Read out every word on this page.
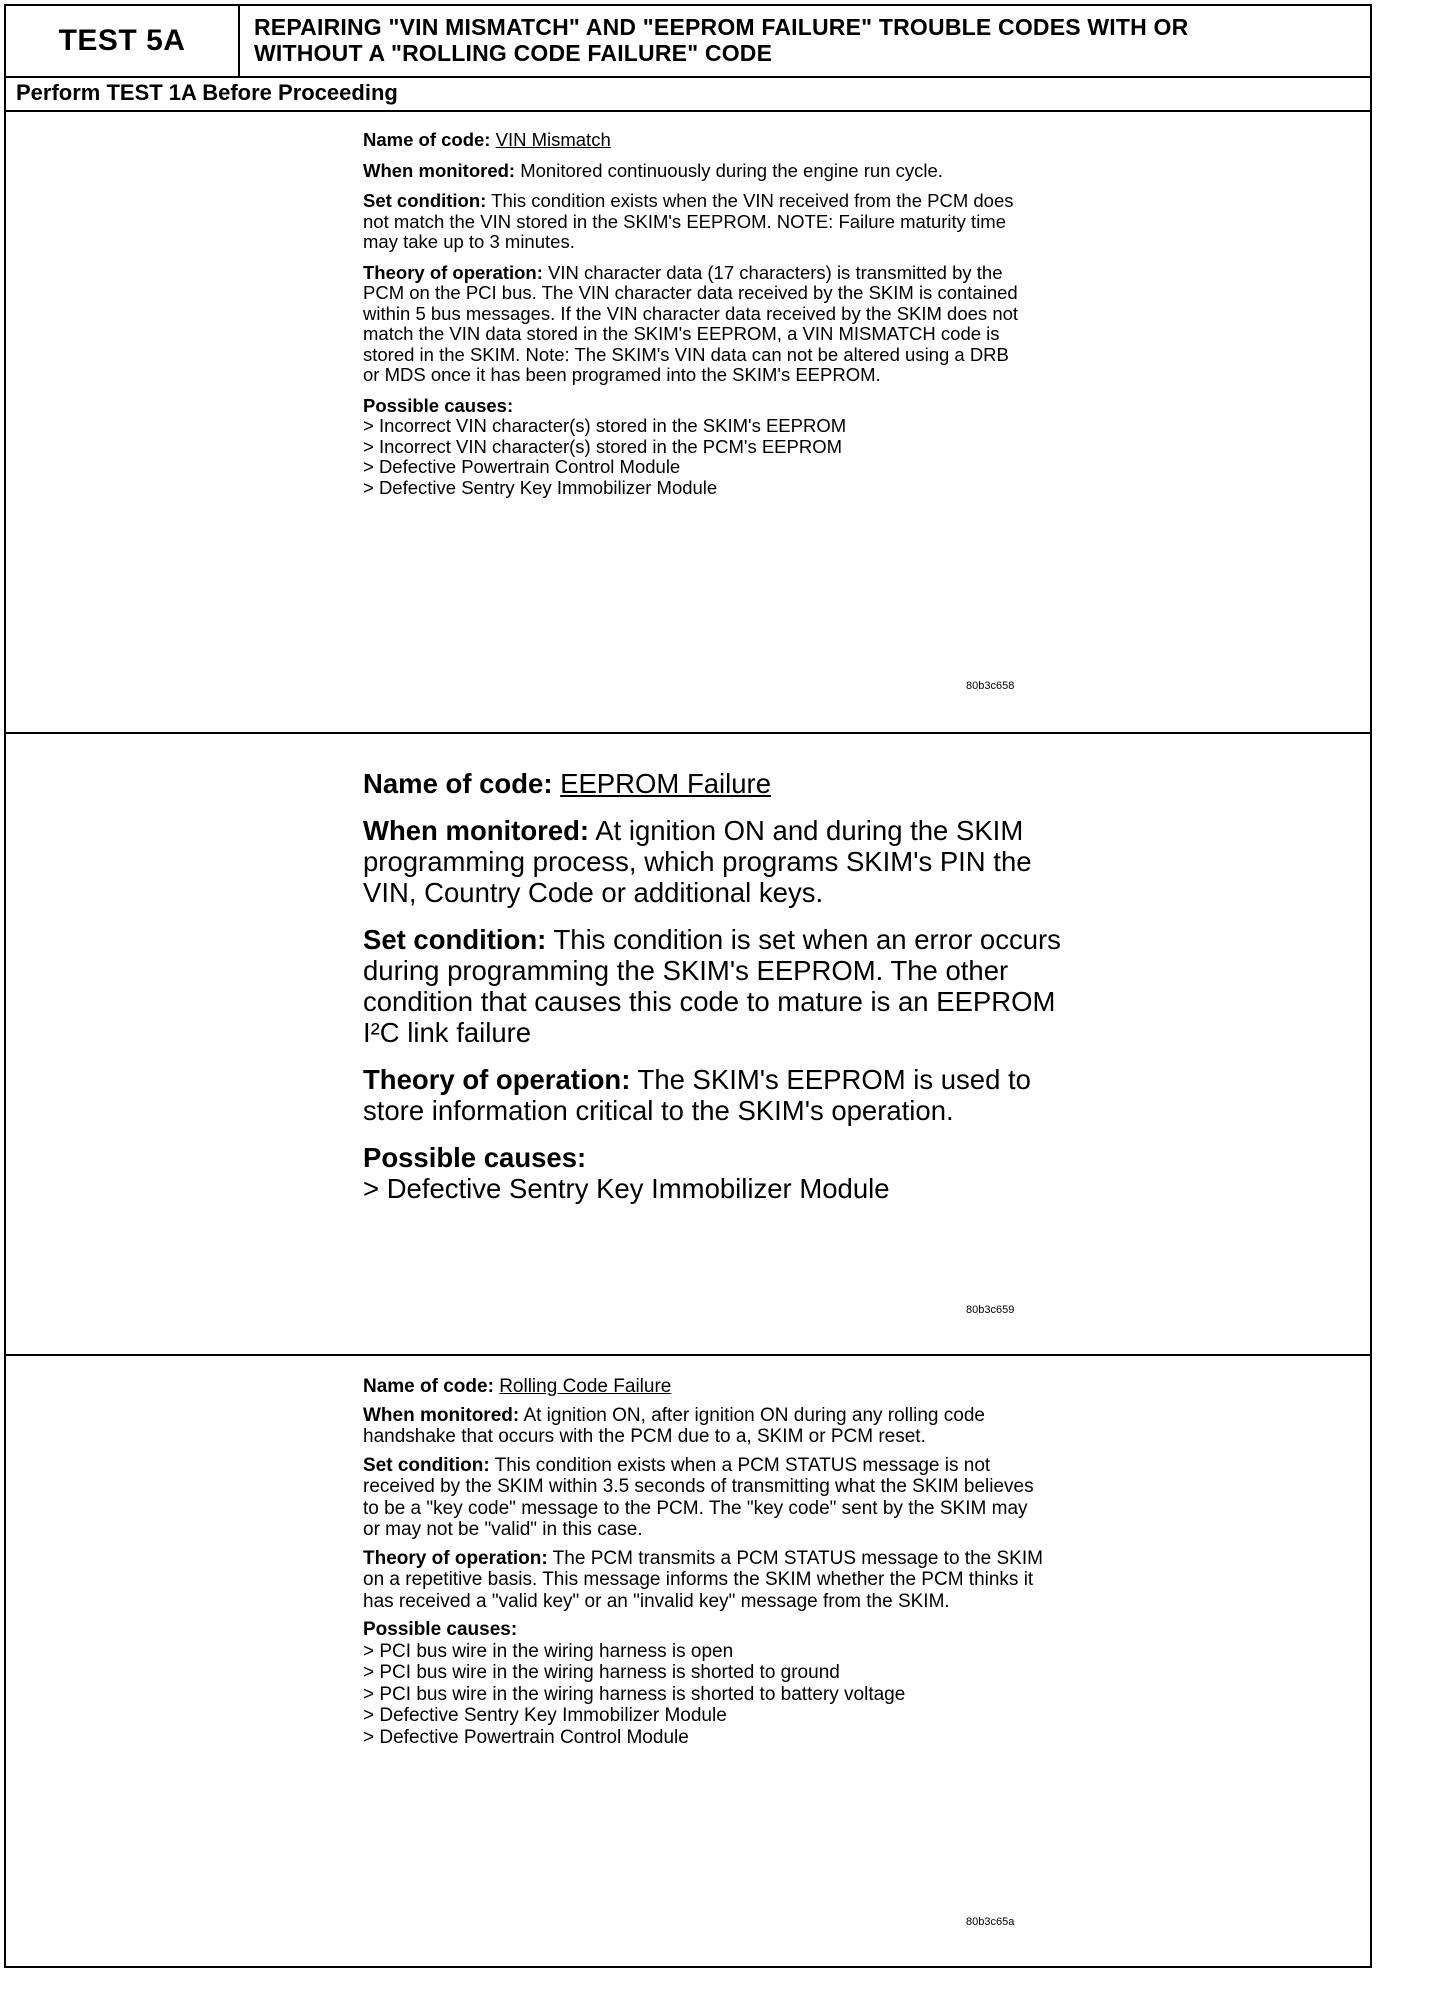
TEST 5A	REPAIRING "VIN MISMATCH" AND "EEPROM FAILURE" TROUBLE CODES WITH OR
WITHOUT A "ROLLING CODE FAILURE" CODE
Perform TEST 1A Before Proceeding

Name of code: VIN Mismatch

When monitored: Monitored continuously during the engine run cycle.

Set condition: This condition exists when the VIN received from the PCM does not match the VIN stored in the SKIM's EEPROM. NOTE: Failure maturity time may take up to 3 minutes.

Theory of operation: VIN character data (17 characters) is transmitted by the PCM on the PCI bus. The VIN character data received by the SKIM is contained within 5 bus messages. If the VIN character data received by the SKIM does not match the VIN data stored in the SKIM's EEPROM, a VIN MISMATCH code is stored in the SKIM. Note: The SKIM's VIN data can not be altered using a DRB or MDS once it has been programed into the SKIM's EEPROM.

Possible causes:
> Incorrect VIN character(s) stored in the SKIM's EEPROM
> Incorrect VIN character(s) stored in the PCM's EEPROM
> Defective Powertrain Control Module
> Defective Sentry Key Immobilizer Module
80b3c658

Name of code: EEPROM Failure

When monitored: At ignition ON and during the SKIM programming process, which programs SKIM's PIN the VIN, Country Code or additional keys.

Set condition: This condition is set when an error occurs during programming the SKIM's EEPROM. The other condition that causes this code to mature is an EEPROM I²C link failure

Theory of operation: The SKIM's EEPROM is used to store information critical to the SKIM's operation.

Possible causes:
> Defective Sentry Key Immobilizer Module
80b3c659

Name of code: Rolling Code Failure

When monitored: At ignition ON, after ignition ON during any rolling code handshake that occurs with the PCM due to a, SKIM or PCM reset.

Set condition: This condition exists when a PCM STATUS message is not received by the SKIM within 3.5 seconds of transmitting what the SKIM believes to be a "key code" message to the PCM. The "key code" sent by the SKIM may or may not be "valid" in this case.

Theory of operation: The PCM transmits a PCM STATUS message to the SKIM on a repetitive basis. This message informs the SKIM whether the PCM thinks it has received a "valid key" or an "invalid key" message from the SKIM.

Possible causes:
> PCI bus wire in the wiring harness is open
> PCI bus wire in the wiring harness is shorted to ground
> PCI bus wire in the wiring harness is shorted to battery voltage
> Defective Sentry Key Immobilizer Module
> Defective Powertrain Control Module
80b3c65a
